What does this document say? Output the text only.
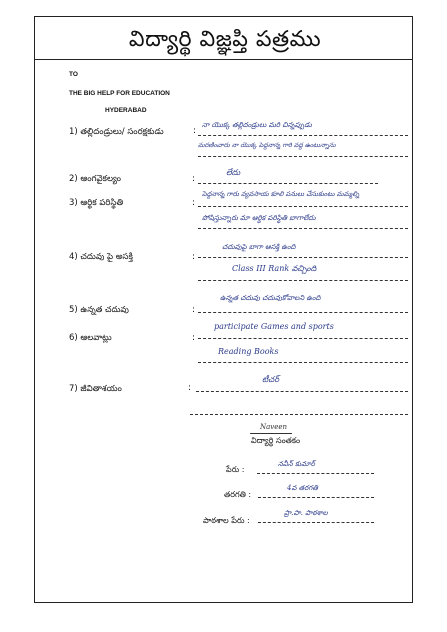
విద్యార్థి విజ్ఞప్తి పత్రము
TO
THE BIG HELP FOR EDUCATION
HYDERABAD
1) తల్లిదండ్రులు/ సంరక్షకుడు	:
నా యొక్క తల్లిదండ్రులు మరి చిన్నప్పుడు
మరణించారు నా యొక్క పెద్దనాన్న గారి వద్ద ఉంటున్నాను
2) ఆంగవైకల్యం	:
లేదు
3) ఆర్థిక పరిస్థితి	:
పెద్దనాన్న గారు వ్యవసాయ కూలి పనులు చేసుకుంటు మమ్మల్ని
పోషిస్తున్నారు మా ఆర్థిక పరిస్థితి బాగాలేదు
4) చదువు పై అసక్తి	:
చదువుపై బాగా ఆసక్తి ఉంది
Class III Rank వచ్చింది
5) ఉన్నత చదువు	:
ఉన్నత చదువు చదువుకోవాలని ఉంది
6) ఆలవాట్లు	:
participate Games and sports
Reading Books
7) జీవితాశయం	:
టీచర్
Naveen
విద్యార్థి సంతకం
పేరు :
నవీన్ కుమార్
తరగతి :
4వ తరగతి
పాఠశాల పేరు :
ప్రా.పా. పాఠశాల
